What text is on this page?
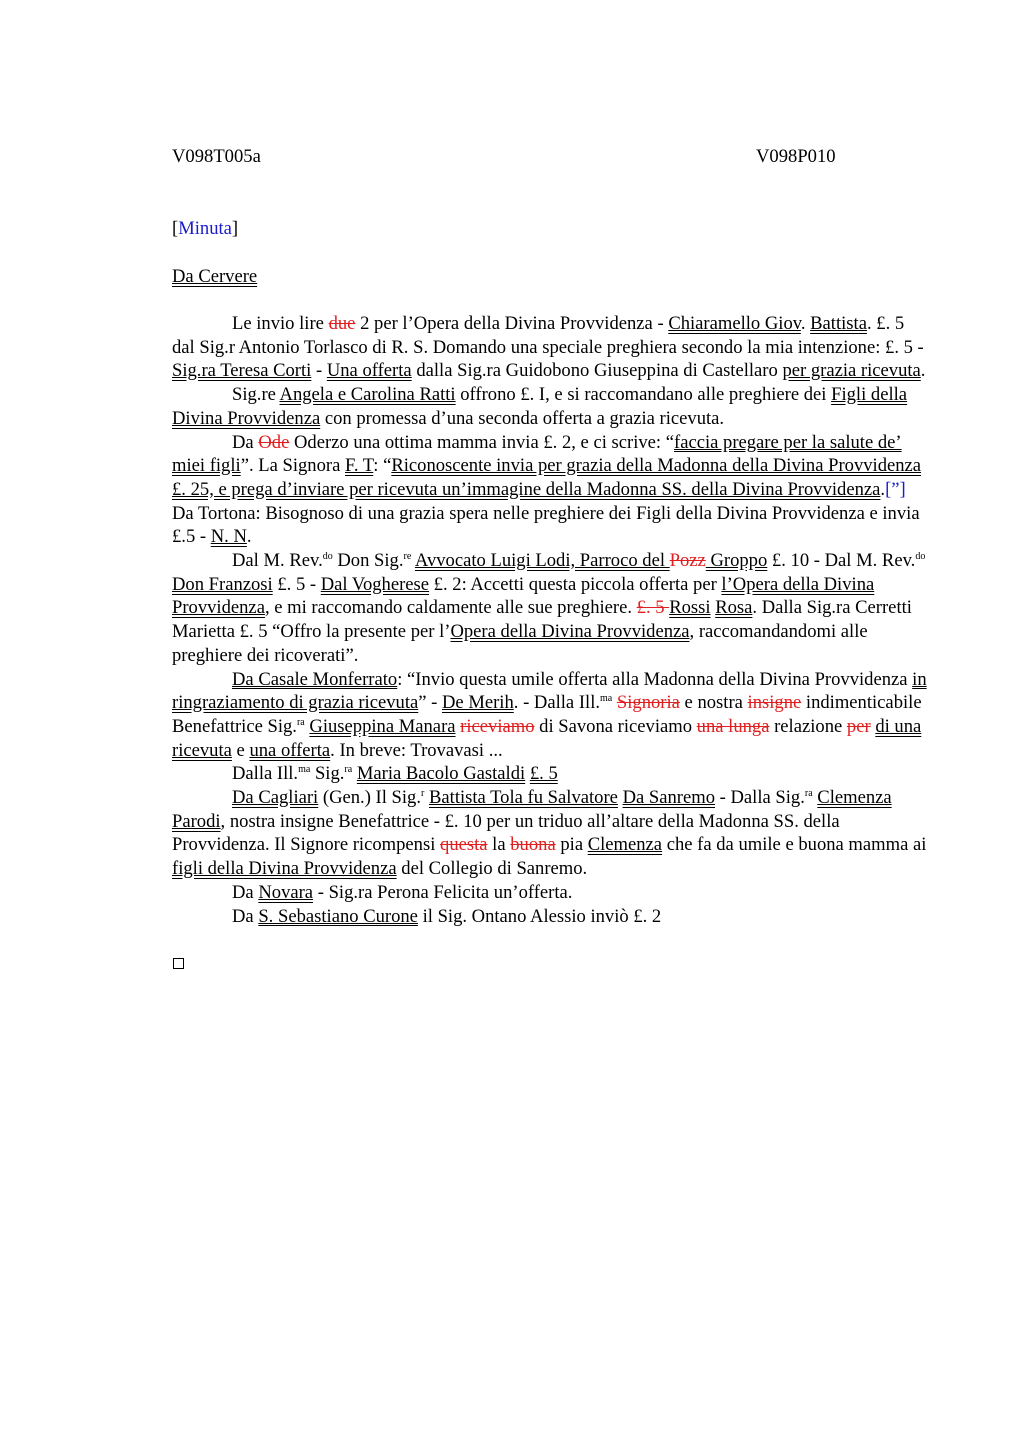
V098T005a	V098P010
[Minuta]
Da Cervere

Le invio lire due 2 per l’Opera della Divina Provvidenza - Chiaramello Giov. Battista. £. 5 dal Sig.r Antonio Torlasco di R. S. Domando una speciale preghiera secondo la mia intenzione: £. 5 - Sig.ra Teresa Corti - Una offerta dalla Sig.ra Guidobono Giuseppina di Castellaro per grazia ricevuta.

Sig.re Angela e Carolina Ratti offrono £. I, e si raccomandano alle preghiere dei Figli della Divina Provvidenza con promessa d’una seconda offerta a grazia ricevuta.

Da Ode Oderzo una ottima mamma invia £. 2, e ci scrive: “faccia pregare per la salute de’ miei figli”. La Signora F. T: “Riconoscente invia per grazia della Madonna della Divina Provvidenza £. 25, e prega d’inviare per ricevuta un’immagine della Madonna SS. della Divina Provvidenza.[”] Da Tortona: Bisognoso di una grazia spera nelle preghiere dei Figli della Divina Provvidenza e invia £.5 - N. N.

Dal M. Rev.$^{do}$ Don Sig.$^{re}$ Avvocato Luigi Lodi, Parroco del Pozz Groppo £. 10 - Dal M. Rev.$^{do}$ Don Franzosi £. 5 - Dal Vogherese £. 2: Accetti questa piccola offerta per l’Opera della Divina Provvidenza, e mi raccomando caldamente alle sue preghiere. £. 5 Rossi Rosa. Dalla Sig.ra Cerretti Marietta £. 5 “Offro la presente per l’Opera della Divina Provvidenza, raccomandandomi alle preghiere dei ricoverati”.

Da Casale Monferrato: “Invio questa umile offerta alla Madonna della Divina Provvidenza in ringraziamento di grazia ricevuta” - De Merih. - Dalla Ill.$^{ma}$ Signoria e nostra insigne indimenticabile Benefattrice Sig.$^{ra}$ Giuseppina Manara riceviamo di Savona riceviamo una lunga relazione per di una ricevuta e una offerta. In breve: Trovavasi ...

Dalla Ill.$^{ma}$ Sig.$^{ra}$ Maria Bacolo Gastaldi £. 5

Da Cagliari (Gen.) Il Sig.$^r$ Battista Tola fu Salvatore Da Sanremo - Dalla Sig.$^{ra}$ Clemenza Parodi, nostra insigne Benefattrice - £. 10 per un triduo all’altare della Madonna SS. della Provvidenza. Il Signore ricompensi questa la buona pia Clemenza che fa da umile e buona mamma ai figli della Divina Provvidenza del Collegio di Sanremo.

Da Novara - Sig.ra Perona Felicita un’offerta.

Da S. Sebastiano Curone il Sig. Ontano Alessio inviò £. 2
